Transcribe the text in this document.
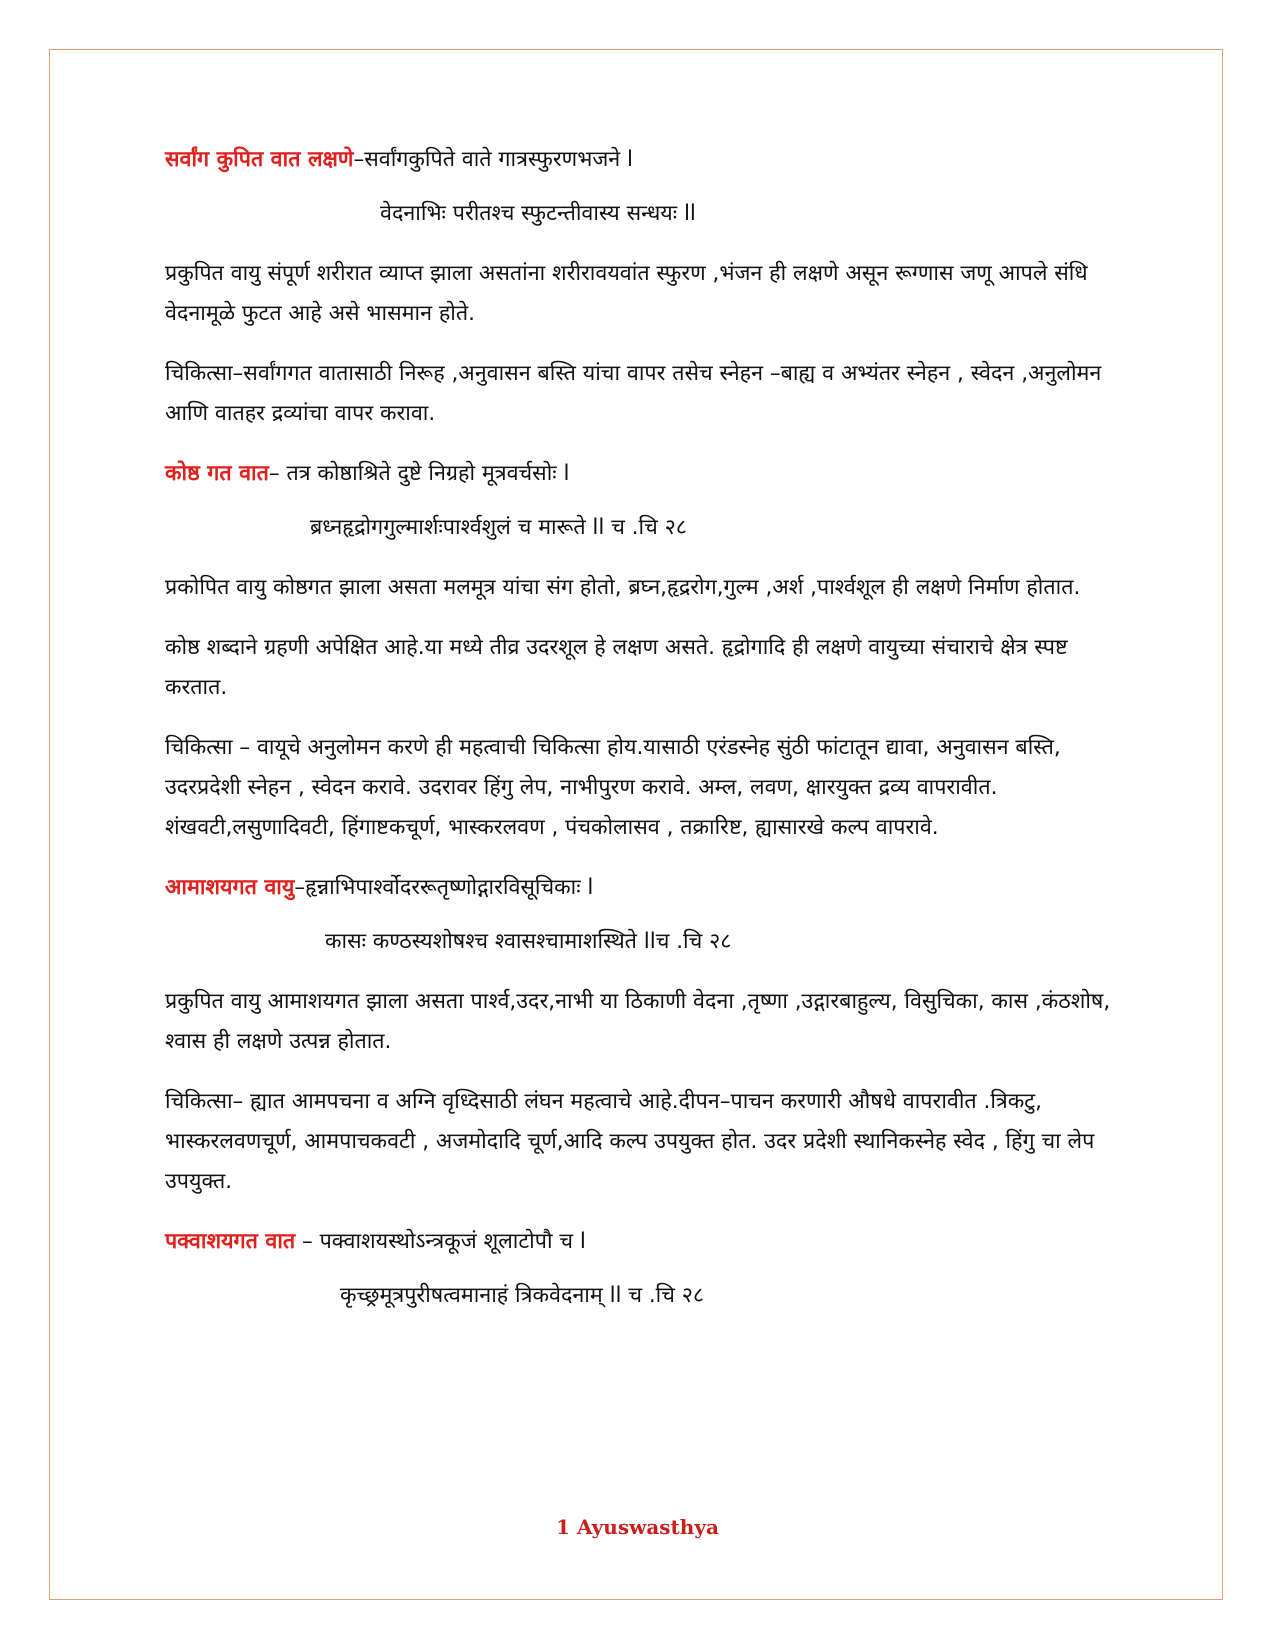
सर्वांग कुपित वात लक्षणे–सर्वांगकुपिते वाते गात्रस्फुरणभजने l

वेदनाभिः परीतश्च स्फुटन्तीवास्य सन्धयः ll

प्रकुपित वायु संपूर्ण शरीरात व्याप्त झाला असतांना शरीरावयवांत स्फुरण ,भंजन ही लक्षणे असून रूग्णास जणू आपले संधि वेदनामूळे फुटत आहे असे भासमान होते.

चिकित्सा–सर्वांगगत वातासाठी निरूह ,अनुवासन बस्ति यांचा वापर तसेच स्नेहन –बाह्य व अभ्यंतर स्नेहन , स्वेदन ,अनुलोमन आणि वातहर द्रव्यांचा वापर करावा.

कोष्ठ गत वात– तत्र कोष्ठाश्रिते दुष्टे निग्रहो मूत्रवर्चसोः l

ब्रध्नहृद्रोगगुल्मार्शःपार्श्वशुलं च मारूते ll च .चि २८

प्रकोपित वायु कोष्ठगत झाला असता मलमूत्र यांचा संग होतो, ब्रघ्न,हृद्ररोग,गुल्म ,अर्श ,पार्श्वशूल ही लक्षणे निर्माण होतात.

कोष्ठ शब्दाने ग्रहणी अपेक्षित आहे.या मध्ये तीव्र उदरशूल हे लक्षण असते. हृद्रोगादि ही लक्षणे वायुच्या संचाराचे क्षेत्र स्पष्ट करतात.

चिकित्सा – वायूचे अनुलोमन करणे ही महत्वाची चिकित्सा होय.यासाठी एरंडस्नेह सुंठी फांटातून द्यावा, अनुवासन बस्ति, उदरप्रदेशी स्नेहन , स्वेदन करावे. उदरावर हिंगु लेप, नाभीपुरण करावे. अम्ल, लवण, क्षारयुक्त द्रव्य वापरावीत. शंखवटी,लसुणादिवटी, हिंगाष्टकचूर्ण, भास्करलवण , पंचकोलासव , तक्रारिष्ट, ह्यासारखे कल्प वापरावे.

आमाशयगत वायु–हृन्नाभिपार्श्वोदररूतृष्णोद्गारविसूचिकाः l

कासः कण्ठस्यशोषश्च श्वासश्चामाशस्थिते llच .चि २८

प्रकुपित वायु आमाशयगत झाला असता पार्श्व,उदर,नाभी या ठिकाणी वेदना ,तृष्णा ,उद्गारबाहुल्य, विसुचिका, कास ,कंठशोष, श्वास ही लक्षणे उत्पन्न होतात.

चिकित्सा– ह्यात आमपचना व अग्नि वृध्दिसाठी लंघन महत्वाचे आहे.दीपन–पाचन करणारी औषधे वापरावीत .त्रिकटु, भास्करलवणचूर्ण, आमपाचकवटी , अजमोदादि चूर्ण,आदि कल्प उपयुक्त होत. उदर प्रदेशी स्थानिकस्नेह स्वेद , हिंगु चा लेप उपयुक्त.

पक्वाशयगत वात – पक्वाशयस्थोऽन्त्रकूजं शूलाटोपौ च l

कृच्छ्रमूत्रपुरीषत्वमानाहं त्रिकवेदनाम् ll च .चि २८
1 Ayuswasthya
